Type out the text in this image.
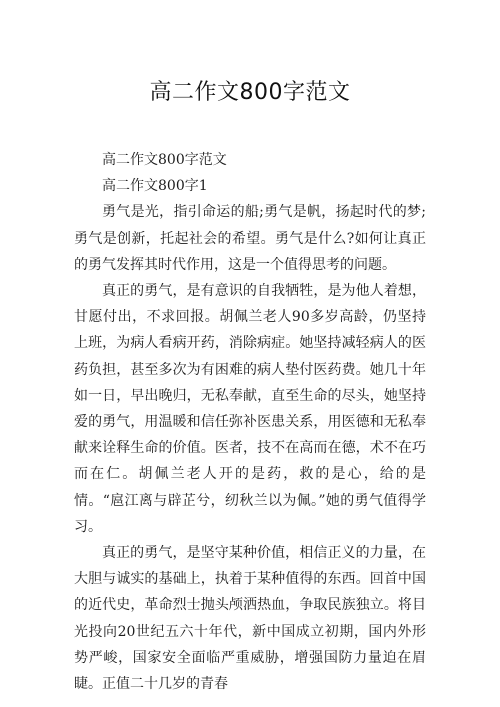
高二作文800字范文

高二作文800字范文

高二作文800字1

勇气是光，指引命运的船;勇气是帆，扬起时代的梦;勇气是创新，托起社会的希望。勇气是什么?如何让真正的勇气发挥其时代作用，这是一个值得思考的问题。

真正的勇气，是有意识的自我牺牲，是为他人着想，甘愿付出，不求回报。胡佩兰老人90多岁高龄，仍坚持上班，为病人看病开药，消除病症。她坚持减轻病人的医药负担，甚至多次为有困难的病人垫付医药费。她几十年如一日，早出晚归，无私奉献，直至生命的尽头，她坚持爱的勇气，用温暖和信任弥补医患关系，用医德和无私奉献来诠释生命的价值。医者，技不在高而在德，术不在巧而在仁。胡佩兰老人开的是药，救的是心，给的是情。“扈江离与辟芷兮，纫秋兰以为佩。”她的勇气值得学习。

真正的勇气，是坚守某种价值，相信正义的力量，在大胆与诚实的基础上，执着于某种值得的东西。回首中国的近代史，革命烈士抛头颅洒热血，争取民族独立。将目光投向20世纪五六十年代，新中国成立初期，国内外形势严峻，国家安全面临严重威胁，增强国防力量迫在眉睫。正值二十几岁的青春
